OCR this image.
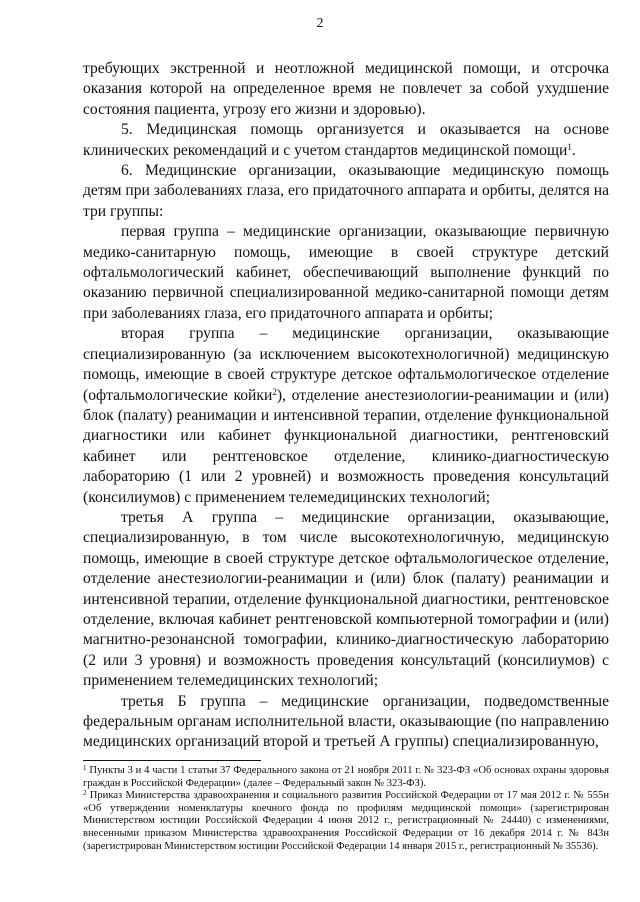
2

требующих экстренной и неотложной медицинской помощи, и отсрочка оказания которой на определенное время не повлечет за собой ухудшение состояния пациента, угрозу его жизни и здоровью).

5. Медицинская помощь организуется и оказывается на основе клинических рекомендаций и с учетом стандартов медицинской помощи$^1$.

6. Медицинские организации, оказывающие медицинскую помощь детям при заболеваниях глаза, его придаточного аппарата и орбиты, делятся на три группы:

первая группа – медицинские организации, оказывающие первичную медико-санитарную помощь, имеющие в своей структуре детский офтальмологический кабинет, обеспечивающий выполнение функций по оказанию первичной специализированной медико-санитарной помощи детям при заболеваниях глаза, его придаточного аппарата и орбиты;

вторая группа – медицинские организации, оказывающие специализированную (за исключением высокотехнологичной) медицинскую помощь, имеющие в своей структуре детское офтальмологическое отделение (офтальмологические койки$^2$), отделение анестезиологии-реанимации и (или) блок (палату) реанимации и интенсивной терапии, отделение функциональной диагностики или кабинет функциональной диагностики, рентгеновский кабинет или рентгеновское отделение, клинико-диагностическую лабораторию (1 или 2 уровней) и возможность проведения консультаций (консилиумов) с применением телемедицинских технологий;

третья А группа – медицинские организации, оказывающие, специализированную, в том числе высокотехнологичную, медицинскую помощь, имеющие в своей структуре детское офтальмологическое отделение, отделение анестезиологии-реанимации и (или) блок (палату) реанимации и интенсивной терапии, отделение функциональной диагностики, рентгеновское отделение, включая кабинет рентгеновской компьютерной томографии и (или) магнитно-резонансной томографии, клинико-диагностическую лабораторию (2 или 3 уровня) и возможность проведения консультаций (консилиумов) с применением телемедицинских технологий;

третья Б группа – медицинские организации, подведомственные федеральным органам исполнительной власти, оказывающие (по направлению медицинских организаций второй и третьей А группы) специализированную,

$^1$ Пункты 3 и 4 части 1 статьи 37 Федерального закона от 21 ноября 2011 г. № 323-ФЗ «Об основах охраны здоровья граждан в Российской Федерации» (далее – Федеральный закон № 323-ФЗ).

$^2$ Приказ Министерства здравоохранения и социального развития Российской Федерации от 17 мая 2012 г. № 555н «Об утверждении номенклатуры коечного фонда по профилям медицинской помощи» (зарегистрирован Министерством юстиции Российской Федерации 4 июня 2012 г., регистрационный № 24440) с изменениями, внесенными приказом Министерства здравоохранения Российской Федерации от 16 декабря 2014 г. № 843н (зарегистрирован Министерством юстиции Российской Федерации 14 января 2015 г., регистрационный № 35536).
